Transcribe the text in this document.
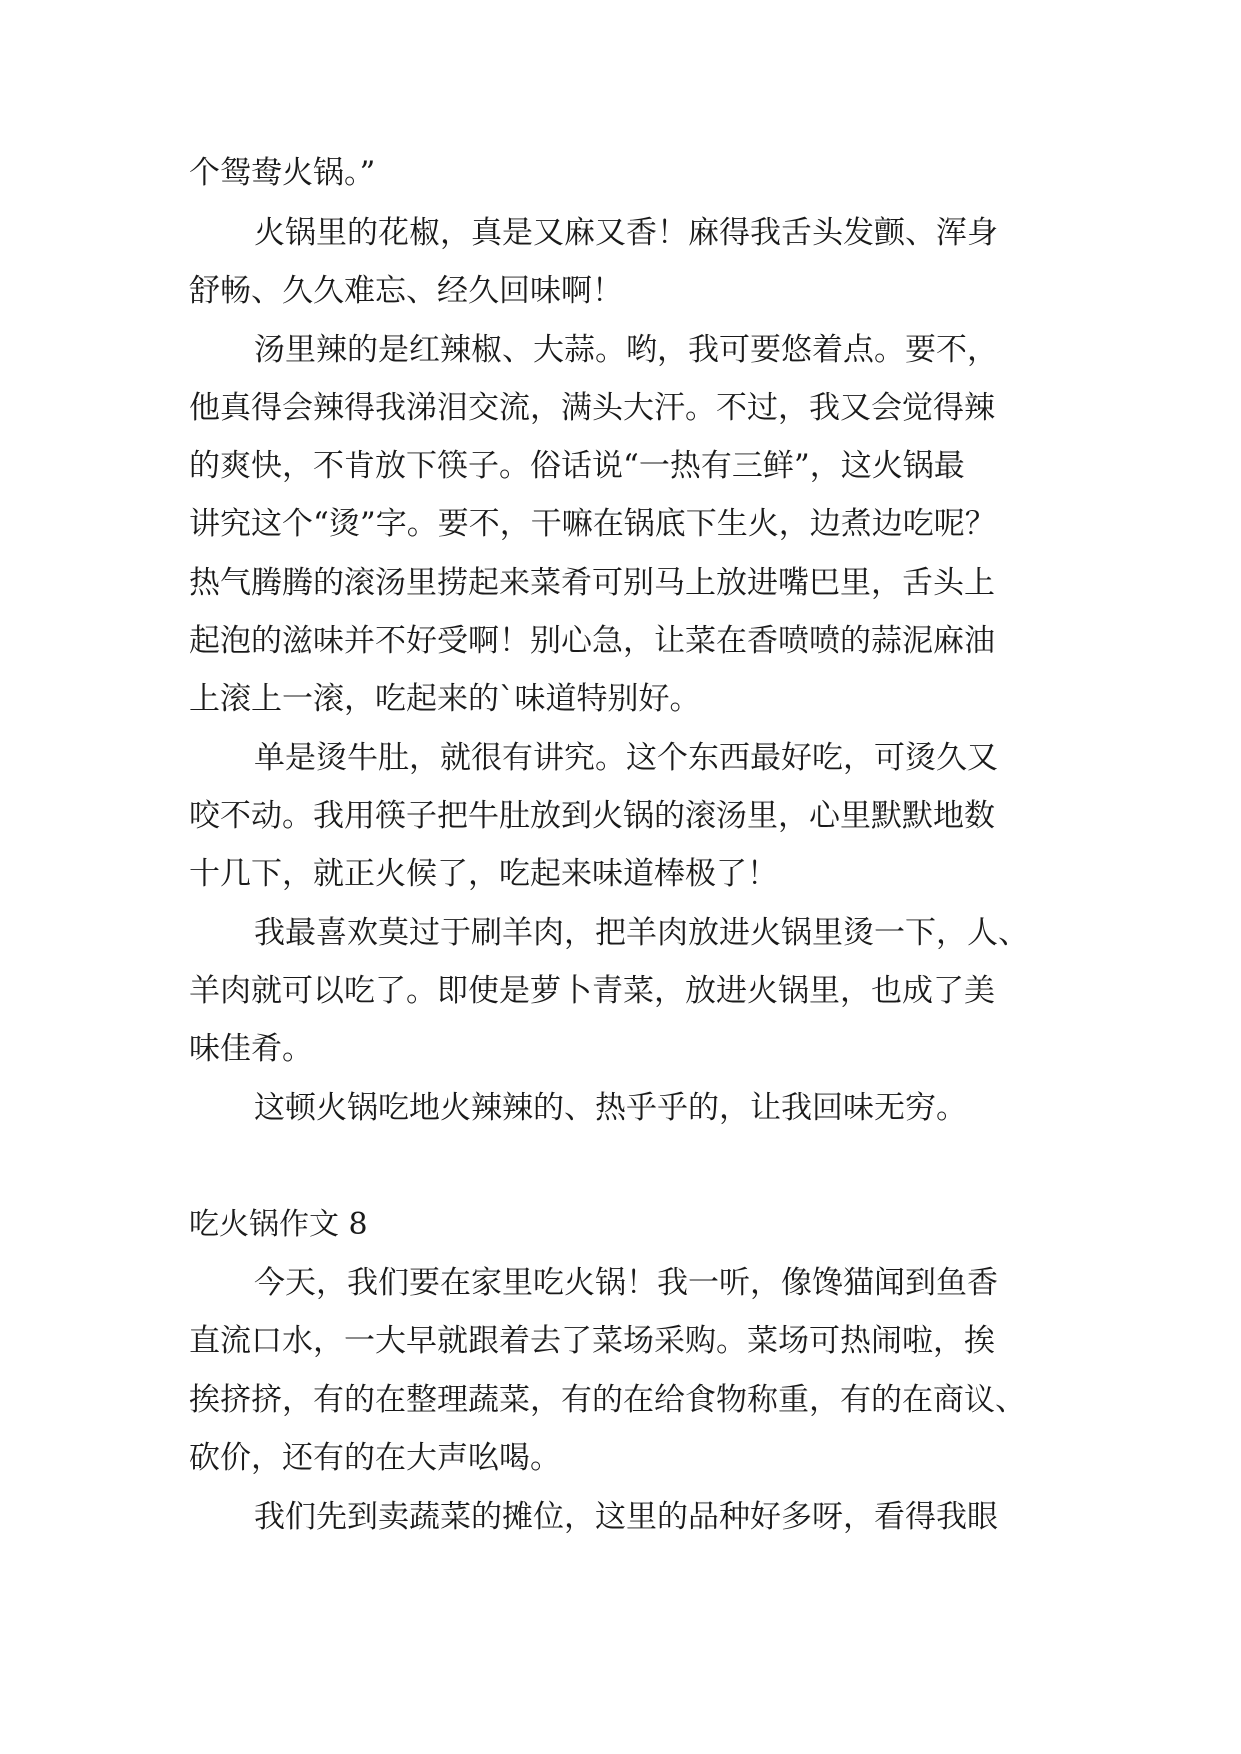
个鸳鸯火锅。”

火锅里的花椒，真是又麻又香！麻得我舌头发颤、浑身

舒畅、久久难忘、经久回味啊！

汤里辣的是红辣椒、大蒜。哟，我可要悠着点。要不，

他真得会辣得我涕泪交流，满头大汗。不过，我又会觉得辣

的爽快，不肯放下筷子。俗话说“一热有三鲜”，这火锅最

讲究这个“烫”字。要不，干嘛在锅底下生火，边煮边吃呢？

热气腾腾的滚汤里捞起来菜肴可别马上放进嘴巴里，舌头上

起泡的滋味并不好受啊！别心急，让菜在香喷喷的蒜泥麻油

上滚上一滚，吃起来的`味道特别好。

单是烫牛肚，就很有讲究。这个东西最好吃，可烫久又

咬不动。我用筷子把牛肚放到火锅的滚汤里，心里默默地数

十几下，就正火候了，吃起来味道棒极了！

我最喜欢莫过于刷羊肉，把羊肉放进火锅里烫一下，人、

羊肉就可以吃了。即使是萝卜青菜，放进火锅里，也成了美

味佳肴。

这顿火锅吃地火辣辣的、热乎乎的，让我回味无穷。

吃火锅作文 8

今天，我们要在家里吃火锅！我一听，像馋猫闻到鱼香

直流口水，一大早就跟着去了菜场采购。菜场可热闹啦，挨

挨挤挤，有的在整理蔬菜，有的在给食物称重，有的在商议、

砍价，还有的在大声吆喝。

我们先到卖蔬菜的摊位，这里的品种好多呀，看得我眼
